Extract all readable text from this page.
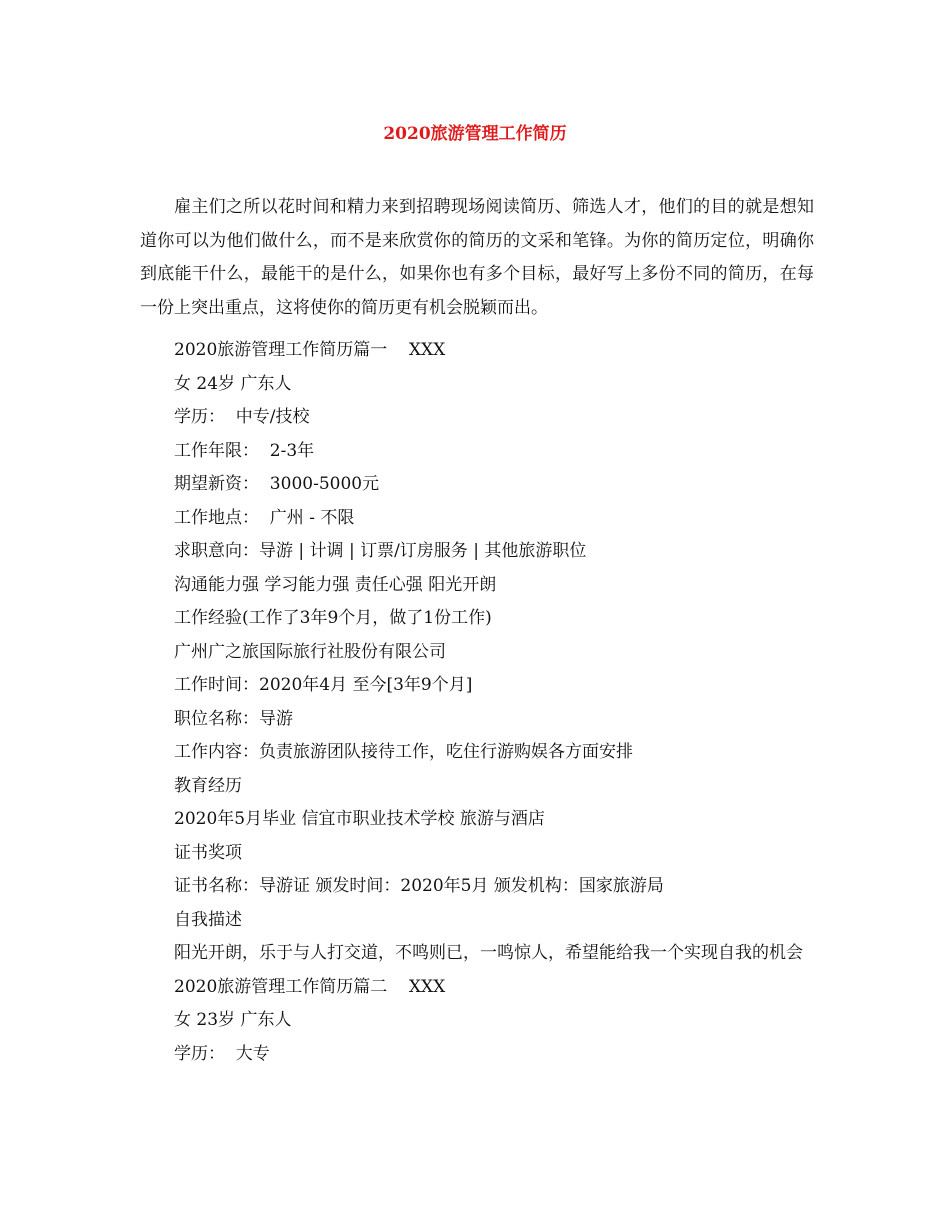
2020旅游管理工作简历
雇主们之所以花时间和精力来到招聘现场阅读简历、筛选人才，他们的目的就是想知道你可以为他们做什么，而不是来欣赏你的简历的文采和笔锋。为你的简历定位，明确你到底能干什么，最能干的是什么，如果你也有多个目标，最好写上多份不同的简历，在每一份上突出重点，这将使你的简历更有机会脱颖而出。
2020旅游管理工作简历篇一    XXX
女 24岁 广东人
学历：  中专/技校
工作年限：  2-3年
期望新资：  3000-5000元
工作地点：  广州 - 不限
求职意向：导游 | 计调 | 订票/订房服务 | 其他旅游职位
沟通能力强 学习能力强 责任心强 阳光开朗
工作经验(工作了3年9个月，做了1份工作)
广州广之旅国际旅行社股份有限公司
工作时间：2020年4月 至今[3年9个月]
职位名称：导游
工作内容：负责旅游团队接待工作，吃住行游购娱各方面安排
教育经历
2020年5月毕业 信宜市职业技术学校 旅游与酒店
证书奖项
证书名称：导游证 颁发时间：2020年5月 颁发机构：国家旅游局
自我描述
阳光开朗，乐于与人打交道，不鸣则已，一鸣惊人，希望能给我一个实现自我的机会
2020旅游管理工作简历篇二    XXX
女 23岁 广东人
学历：  大专
